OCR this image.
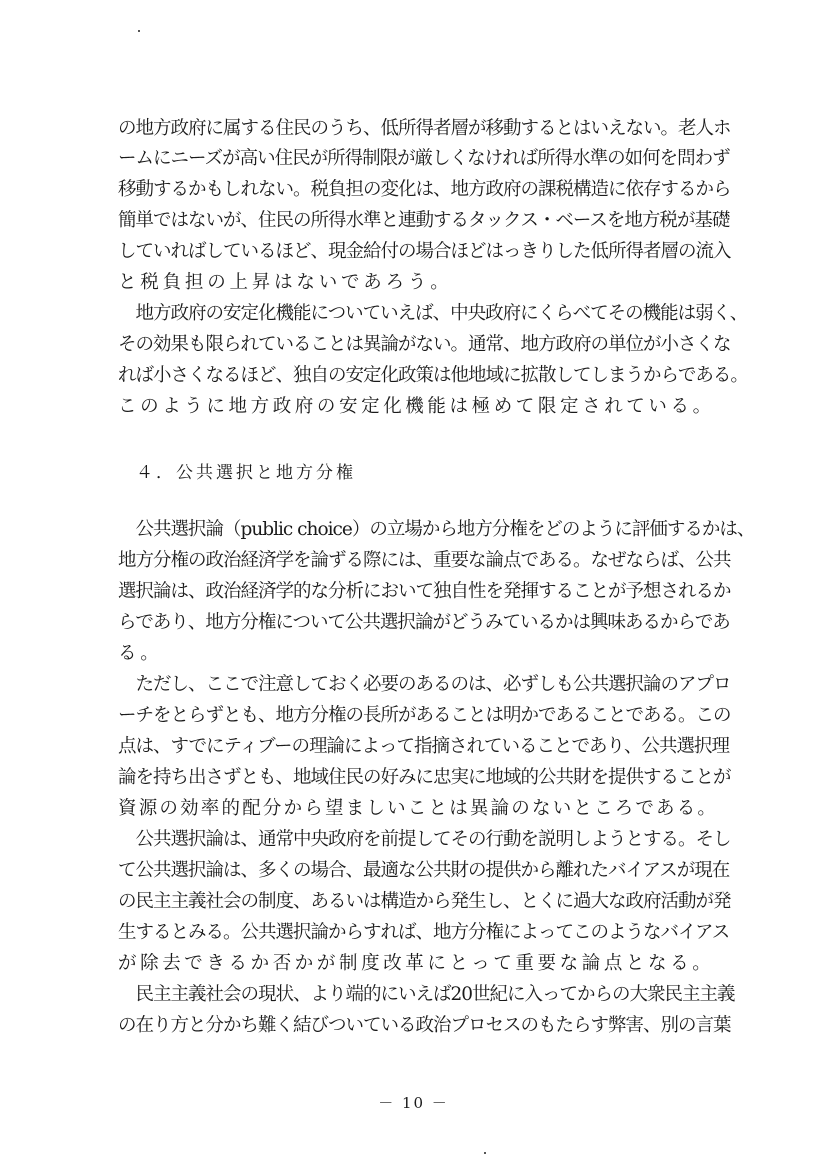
の地方政府に属する住民のうち、低所得者層が移動するとはいえない。老人ホ
ームにニーズが高い住民が所得制限が厳しくなければ所得水準の如何を問わず
移動するかもしれない。税負担の変化は、地方政府の課税構造に依存するから
簡単ではないが、住民の所得水準と連動するタックス・ベースを地方税が基礎
していればしているほど、現金給付の場合ほどはっきりした低所得者層の流入
と税負担の上昇はないであろう。
　地方政府の安定化機能についていえば、中央政府にくらべてその機能は弱く、
その効果も限られていることは異論がない。通常、地方政府の単位が小さくな
れば小さくなるほど、独自の安定化政策は他地域に拡散してしまうからである。
このように地方政府の安定化機能は極めて限定されている。
４．公共選択と地方分権
　公共選択論（public choice）の立場から地方分権をどのように評価するかは、
地方分権の政治経済学を論ずる際には、重要な論点である。なぜならば、公共
選択論は、政治経済学的な分析において独自性を発揮することが予想されるか
らであり、地方分権について公共選択論がどうみているかは興味あるからであ
る。
　ただし、ここで注意しておく必要のあるのは、必ずしも公共選択論のアプロ
ーチをとらずとも、地方分権の長所があることは明かであることである。この
点は、すでにティブーの理論によって指摘されていることであり、公共選択理
論を持ち出さずとも、地域住民の好みに忠実に地域的公共財を提供することが
資源の効率的配分から望ましいことは異論のないところである。
　公共選択論は、通常中央政府を前提してその行動を説明しようとする。そし
て公共選択論は、多くの場合、最適な公共財の提供から離れたバイアスが現在
の民主主義社会の制度、あるいは構造から発生し、とくに過大な政府活動が発
生するとみる。公共選択論からすれば、地方分権によってこのようなバイアス
が除去できるか否かが制度改革にとって重要な論点となる。
　民主主義社会の現状、より端的にいえば20世紀に入ってからの大衆民主主義
の在り方と分かち難く結びついている政治プロセスのもたらす弊害、別の言葉
－ 10 －
